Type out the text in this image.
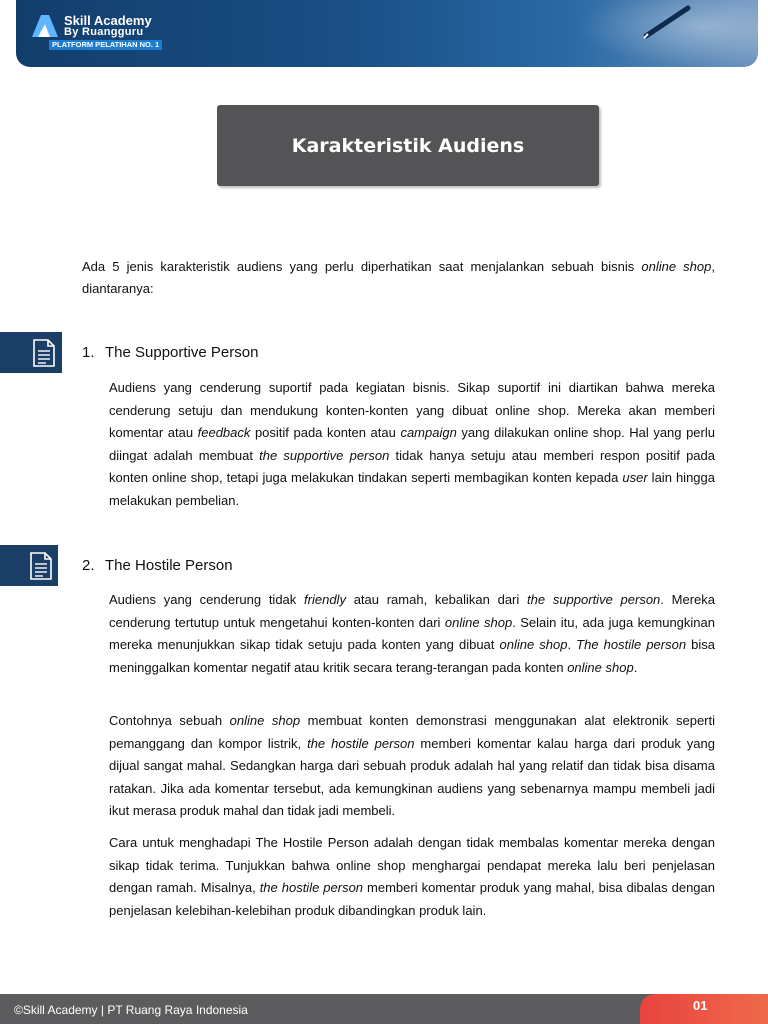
Skill Academy
By Ruangguru
PLATFORM PELATIHAN NO. 1
Karakteristik Audiens
Ada 5 jenis karakteristik audiens yang perlu diperhatikan saat menjalankan sebuah bisnis online shop, diantaranya:
1. The Supportive Person

Audiens yang cenderung suportif pada kegiatan bisnis. Sikap suportif ini diartikan bahwa mereka cenderung setuju dan mendukung konten-konten yang dibuat online shop. Mereka akan memberi komentar atau feedback positif pada konten atau campaign yang dilakukan online shop. Hal yang perlu diingat adalah membuat the supportive person tidak hanya setuju atau memberi respon positif pada konten online shop, tetapi juga melakukan tindakan seperti membagikan konten kepada user lain hingga melakukan pembelian.

2. The Hostile Person

Audiens yang cenderung tidak friendly atau ramah, kebalikan dari the supportive person. Mereka cenderung tertutup untuk mengetahui konten-konten dari online shop. Selain itu, ada juga kemungkinan mereka menunjukkan sikap tidak setuju pada konten yang dibuat online shop. The hostile person bisa meninggalkan komentar negatif atau kritik secara terang-terangan pada konten online shop.

Contohnya sebuah online shop membuat konten demonstrasi menggunakan alat elektronik seperti pemanggang dan kompor listrik, the hostile person memberi komentar kalau harga dari produk yang dijual sangat mahal. Sedangkan harga dari sebuah produk adalah hal yang relatif dan tidak bisa disama ratakan. Jika ada komentar tersebut, ada kemungkinan audiens yang sebenarnya mampu membeli jadi ikut merasa produk mahal dan tidak jadi membeli.

Cara untuk menghadapi The Hostile Person adalah dengan tidak membalas komentar mereka dengan sikap tidak terima. Tunjukkan bahwa online shop menghargai pendapat mereka lalu beri penjelasan dengan ramah. Misalnya, the hostile person memberi komentar produk yang mahal, bisa dibalas dengan penjelasan kelebihan-kelebihan produk dibandingkan produk lain.

©Skill Academy | PT Ruang Raya Indonesia	01
